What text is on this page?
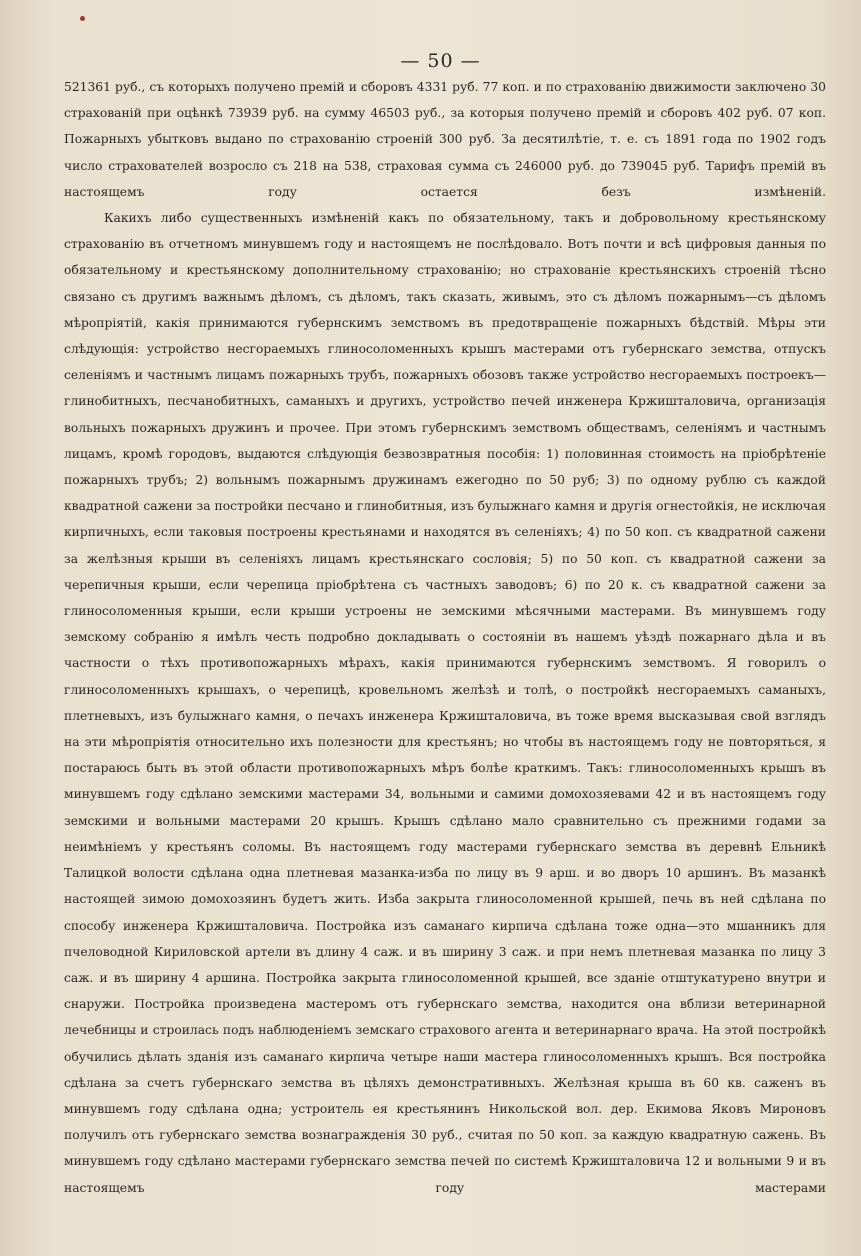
— 50 —

521361 руб., съ которыхъ получено премій и сборовъ 4331 руб. 77 коп. и по страхованію движимости заключено 30 страхованій при оцѣнкѣ 73939 руб. на сумму 46503 руб., за которыя получено премій и сборовъ 402 руб. 07 коп. Пожарныхъ убытковъ выдано по страхованію строеній 300 руб. За десятилѣтіе, т. е. съ 1891 года по 1902 годъ число страхователей возросло съ 218 на 538, страховая сумма съ 246000 руб. до 739045 руб. Тарифъ премій въ настоящемъ году остается безъ измѣненій.

Какихъ либо существенныхъ измѣненій какъ по обязательному, такъ и добровольному крестьянскому страхованію въ отчетномъ минувшемъ году и настоящемъ не послѣдовало. Вотъ почти и всѣ цифровыя данныя по обязательному и крестьянскому дополнительному страхованію; но страхованіе крестьянскихъ строеній тѣсно связано съ другимъ важнымъ дѣломъ, съ дѣломъ, такъ сказать, живымъ, это съ дѣломъ пожарнымъ—съ дѣломъ мѣропріятій, какія принимаются губернскимъ земствомъ въ предотвращеніе пожарныхъ бѣдствій. Мѣры эти слѣдующія: устройство несгораемыхъ глиносоломенныхъ крышъ мастерами отъ губернскаго земства, отпускъ селеніямъ и частнымъ лицамъ пожарныхъ трубъ, пожарныхъ обозовъ также устройство несгораемыхъ построекъ—глинобитныхъ, песчанобитныхъ, саманыхъ и другихъ, устройство печей инженера Кржишталовича, организація вольныхъ пожарныхъ дружинъ и прочее. При этомъ губернскимъ земствомъ обществамъ, селеніямъ и частнымъ лицамъ, кромѣ городовъ, выдаются слѣдующія безвозвратныя пособія: 1) половинная стоимость на пріобрѣтеніе пожарныхъ трубъ; 2) вольнымъ пожарнымъ дружинамъ ежегодно по 50 руб; 3) по одному рублю съ каждой квадратной сажени за постройки песчано и глинобитныя, изъ булыжнаго камня и другія огнестойкія, не исключая кирпичныхъ, если таковыя построены крестьянами и находятся въ селеніяхъ; 4) по 50 коп. съ квадратной сажени за желѣзныя крыши въ селеніяхъ лицамъ крестьянскаго сословія; 5) по 50 коп. съ квадратной сажени за черепичныя крыши, если черепица пріобрѣтена съ частныхъ заводовъ; 6) по 20 к. съ квадратной сажени за глиносоломенныя крыши, если крыши устроены не земскими мѣсячными мастерами. Въ минувшемъ году земскому собранію я имѣлъ честь подробно докладывать о состояніи въ нашемъ уѣздѣ пожарнаго дѣла и въ частности о тѣхъ противопожарныхъ мѣрахъ, какія принимаются губернскимъ земствомъ. Я говорилъ о глиносоломенныхъ крышахъ, о черепицѣ, кровельномъ желѣзѣ и толѣ, о постройкѣ несгораемыхъ саманыхъ, плетневыхъ, изъ булыжнаго камня, о печахъ инженера Кржишталовича, въ тоже время высказывая свой взглядъ на эти мѣропріятія относительно ихъ полезности для крестьянъ; но чтобы въ настоящемъ году не повторяться, я постараюсь быть въ этой области противопожарныхъ мѣръ болѣе краткимъ. Такъ: глиносоломенныхъ крышъ въ минувшемъ году сдѣлано земскими мастерами 34, вольными и самими домохозяевами 42 и въ настоящемъ году земскими и вольными мастерами 20 крышъ. Крышъ сдѣлано мало сравнительно съ прежними годами за неимѣніемъ у крестьянъ соломы. Въ настоящемъ году мастерами губернскаго земства въ деревнѣ Ельникѣ Талицкой волости сдѣлана одна плетневая мазанка-изба по лицу въ 9 арш. и во дворъ 10 аршинъ. Въ мазанкѣ настоящей зимою домохозяинъ будетъ жить. Изба закрыта глиносоломенной крышей, печь въ ней сдѣлана по способу инженера Кржишталовича. Постройка изъ саманаго кирпича сдѣлана тоже одна—это мшанникъ для пчеловодной Кириловской артели въ длину 4 саж. и въ ширину 3 саж. и при немъ плетневая мазанка по лицу 3 саж. и въ ширину 4 аршина. Постройка закрыта глиносоломенной крышей, все зданіе отштукатурено внутри и снаружи. Постройка произведена мастеромъ отъ губернскаго земства, находится она вблизи ветеринарной лечебницы и строилась подъ наблюденіемъ земскаго страхового агента и ветеринарнаго врача. На этой постройкѣ обучились дѣлать зданія изъ саманаго кирпича четыре наши мастера глиносоломенныхъ крышъ. Вся постройка сдѣлана за счетъ губернскаго земства въ цѣляхъ демонстративныхъ. Желѣзная крыша въ 60 кв. саженъ въ минувшемъ году сдѣлана одна; устроитель ея крестьянинъ Никольской вол. дер. Екимова Яковъ Мироновъ получилъ отъ губернскаго земства вознагражденія 30 руб., считая по 50 коп. за каждую квадратную сажень. Въ минувшемъ году сдѣлано мастерами губернскаго земства печей по системѣ Кржишталовича 12 и вольными 9 и въ настоящемъ году мастерами
